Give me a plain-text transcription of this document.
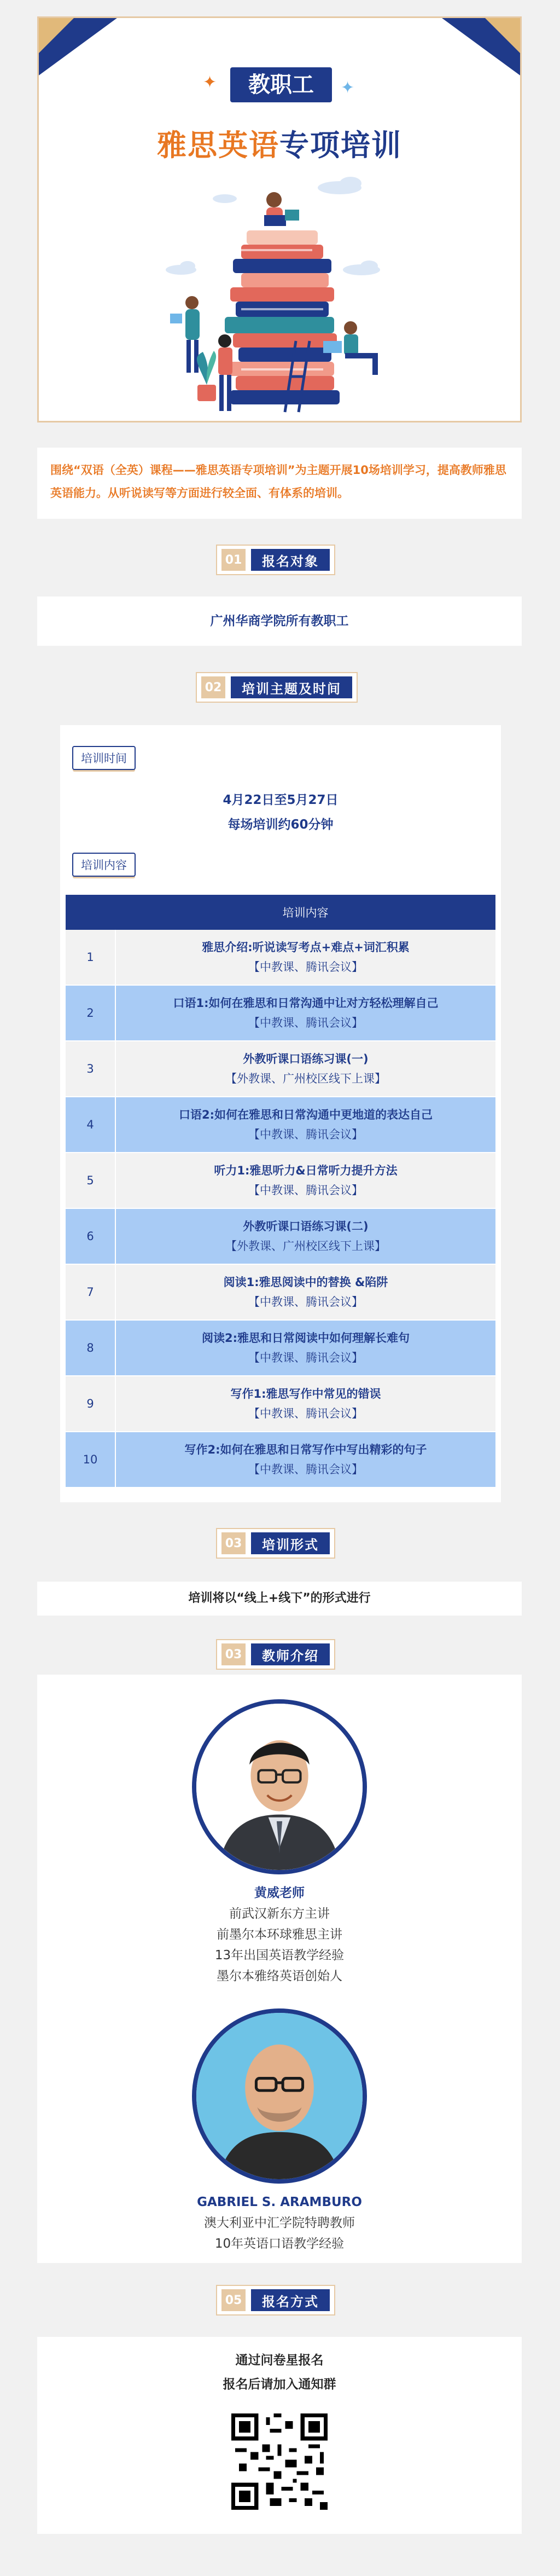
✦	✦
教职工
雅思英语专项培训
围绕“双语（全英）课程——雅思英语专项培训”为主题开展10场培训学习，提高教师雅思英语能力。从听说读写等方面进行较全面、有体系的培训。
01	报名对象
广州华商学院所有教职工
02	培训主题及时间
培训时间
4月22日至5月27日
每场培训约60分钟
培训内容
	培训内容
1	雅思介绍:听说读写考点+难点+词汇积累
【中教课、腾讯会议】

2	口语1:如何在雅思和日常沟通中让对方轻松理解自己
【中教课、腾讯会议】

3	外教听课口语练习课(一)
【外教课、广州校区线下上课】

4	口语2:如何在雅思和日常沟通中更地道的表达自己
【中教课、腾讯会议】

5	听力1:雅思听力&日常听力提升方法
【中教课、腾讯会议】

6	外教听课口语练习课(二)
【外教课、广州校区线下上课】

7	阅读1:雅思阅读中的替换 &陷阱
【中教课、腾讯会议】

8	阅读2:雅思和日常阅读中如何理解长难句
【中教课、腾讯会议】

9	写作1:雅思写作中常见的错误
【中教课、腾讯会议】

10	写作2:如何在雅思和日常写作中写出精彩的句子
【中教课、腾讯会议】
03	培训形式
培训将以“线上+线下”的形式进行
03	教师介绍
黄威老师
前武汉新东方主讲
前墨尔本环球雅思主讲
13年出国英语教学经验
墨尔本雅络英语创始人
GABRIEL S. ARAMBURO
澳大利亚中汇学院特聘教师
10年英语口语教学经验
05	报名方式
通过问卷星报名
报名后请加入通知群
